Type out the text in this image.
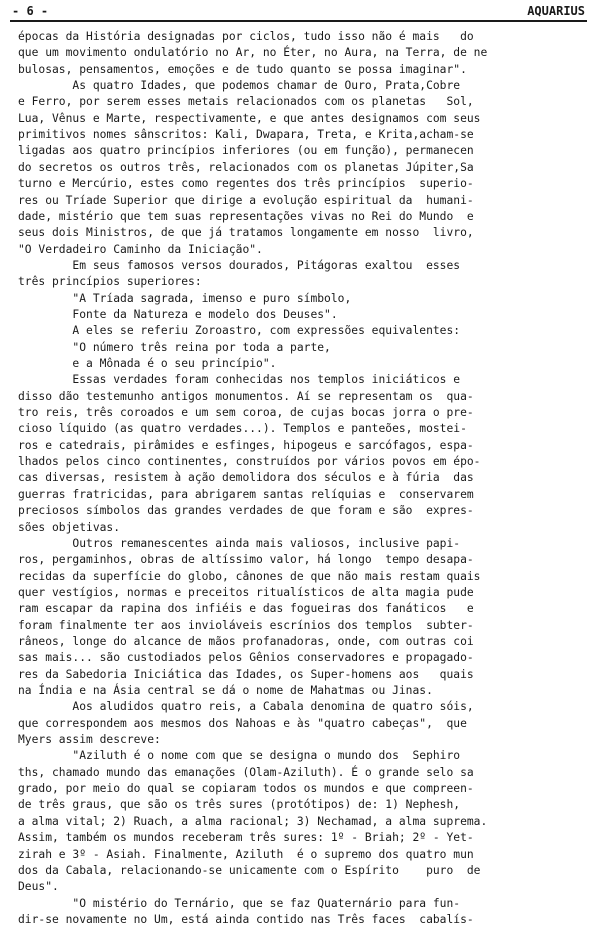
- 6 -	AQUARIUS
épocas da História designadas por ciclos, tudo isso não é mais   do
que um movimento ondulatório no Ar, no Éter, no Aura, na Terra, de ne
bulosas, pensamentos, emoções e de tudo quanto se possa imaginar".
As quatro Idades, que podemos chamar de Ouro, Prata,Cobre
e Ferro, por serem esses metais relacionados com os planetas   Sol,
Lua, Vênus e Marte, respectivamente, e que antes designamos com seus
primitivos nomes sânscritos: Kali, Dwapara, Treta, e Krita,acham-se
ligadas aos quatro princípios inferiores (ou em função), permanecen
do secretos os outros três, relacionados com os planetas Júpiter,Sa
turno e Mercúrio, estes como regentes dos três princípios  superio-
res ou Tríade Superior que dirige a evolução espiritual da  humani-
dade, mistério que tem suas representações vivas no Rei do Mundo  e
seus dois Ministros, de que já tratamos longamente em nosso  livro,
"O Verdadeiro Caminho da Iniciação".
Em seus famosos versos dourados, Pitágoras exaltou  esses
três princípios superiores:
"A Tríada sagrada, imenso e puro símbolo,
Fonte da Natureza e modelo dos Deuses".
A eles se referiu Zoroastro, com expressões equivalentes:
"O número três reina por toda a parte,
e a Mônada é o seu princípio".
Essas verdades foram conhecidas nos templos iniciáticos e
disso dão testemunho antigos monumentos. Aí se representam os  qua-
tro reis, três coroados e um sem coroa, de cujas bocas jorra o pre-
cioso líquido (as quatro verdades...). Templos e panteões, mostei-
ros e catedrais, pirâmides e esfinges, hipogeus e sarcófagos, espa-
lhados pelos cinco continentes, construídos por vários povos em épo-
cas diversas, resistem à ação demolidora dos séculos e à fúria  das
guerras fratricidas, para abrigarem santas relíquias e  conservarem
preciosos símbolos das grandes verdades de que foram e são  expres-
sões objetivas.
Outros remanescentes ainda mais valiosos, inclusive papi-
ros, pergaminhos, obras de altíssimo valor, há longo  tempo desapa-
recidas da superfície do globo, cânones de que não mais restam quais
quer vestígios, normas e preceitos ritualísticos de alta magia pude
ram escapar da rapina dos infiéis e das fogueiras dos fanáticos   e
foram finalmente ter aos invioláveis escrínios dos templos  subter-
râneos, longe do alcance de mãos profanadoras, onde, com outras coi
sas mais... são custodiados pelos Gênios conservadores e propagado-
res da Sabedoria Iniciática das Idades, os Super-homens aos   quais
na Índia e na Ásia central se dá o nome de Mahatmas ou Jinas.
Aos aludidos quatro reis, a Cabala denomina de quatro sóis,
que correspondem aos mesmos dos Nahoas e às "quatro cabeças",  que
Myers assim descreve:
"Aziluth é o nome com que se designa o mundo dos  Sephiro
ths, chamado mundo das emanações (Olam-Aziluth). É o grande selo sa
grado, por meio do qual se copiaram todos os mundos e que compreen-
de três graus, que são os três sures (protótipos) de: 1) Nephesh,
a alma vital; 2) Ruach, a alma racional; 3) Nechamad, a alma suprema.
Assim, também os mundos receberam três sures: 1º - Briah; 2º - Yet-
zirah e 3º - Asiah. Finalmente, Aziluth  é o supremo dos quatro mun
dos da Cabala, relacionando-se unicamente com o Espírito    puro  de
Deus".
"O mistério do Ternário, que se faz Quaternário para fun-
dir-se novamente no Um, está ainda contido nas Três faces  cabalís-
